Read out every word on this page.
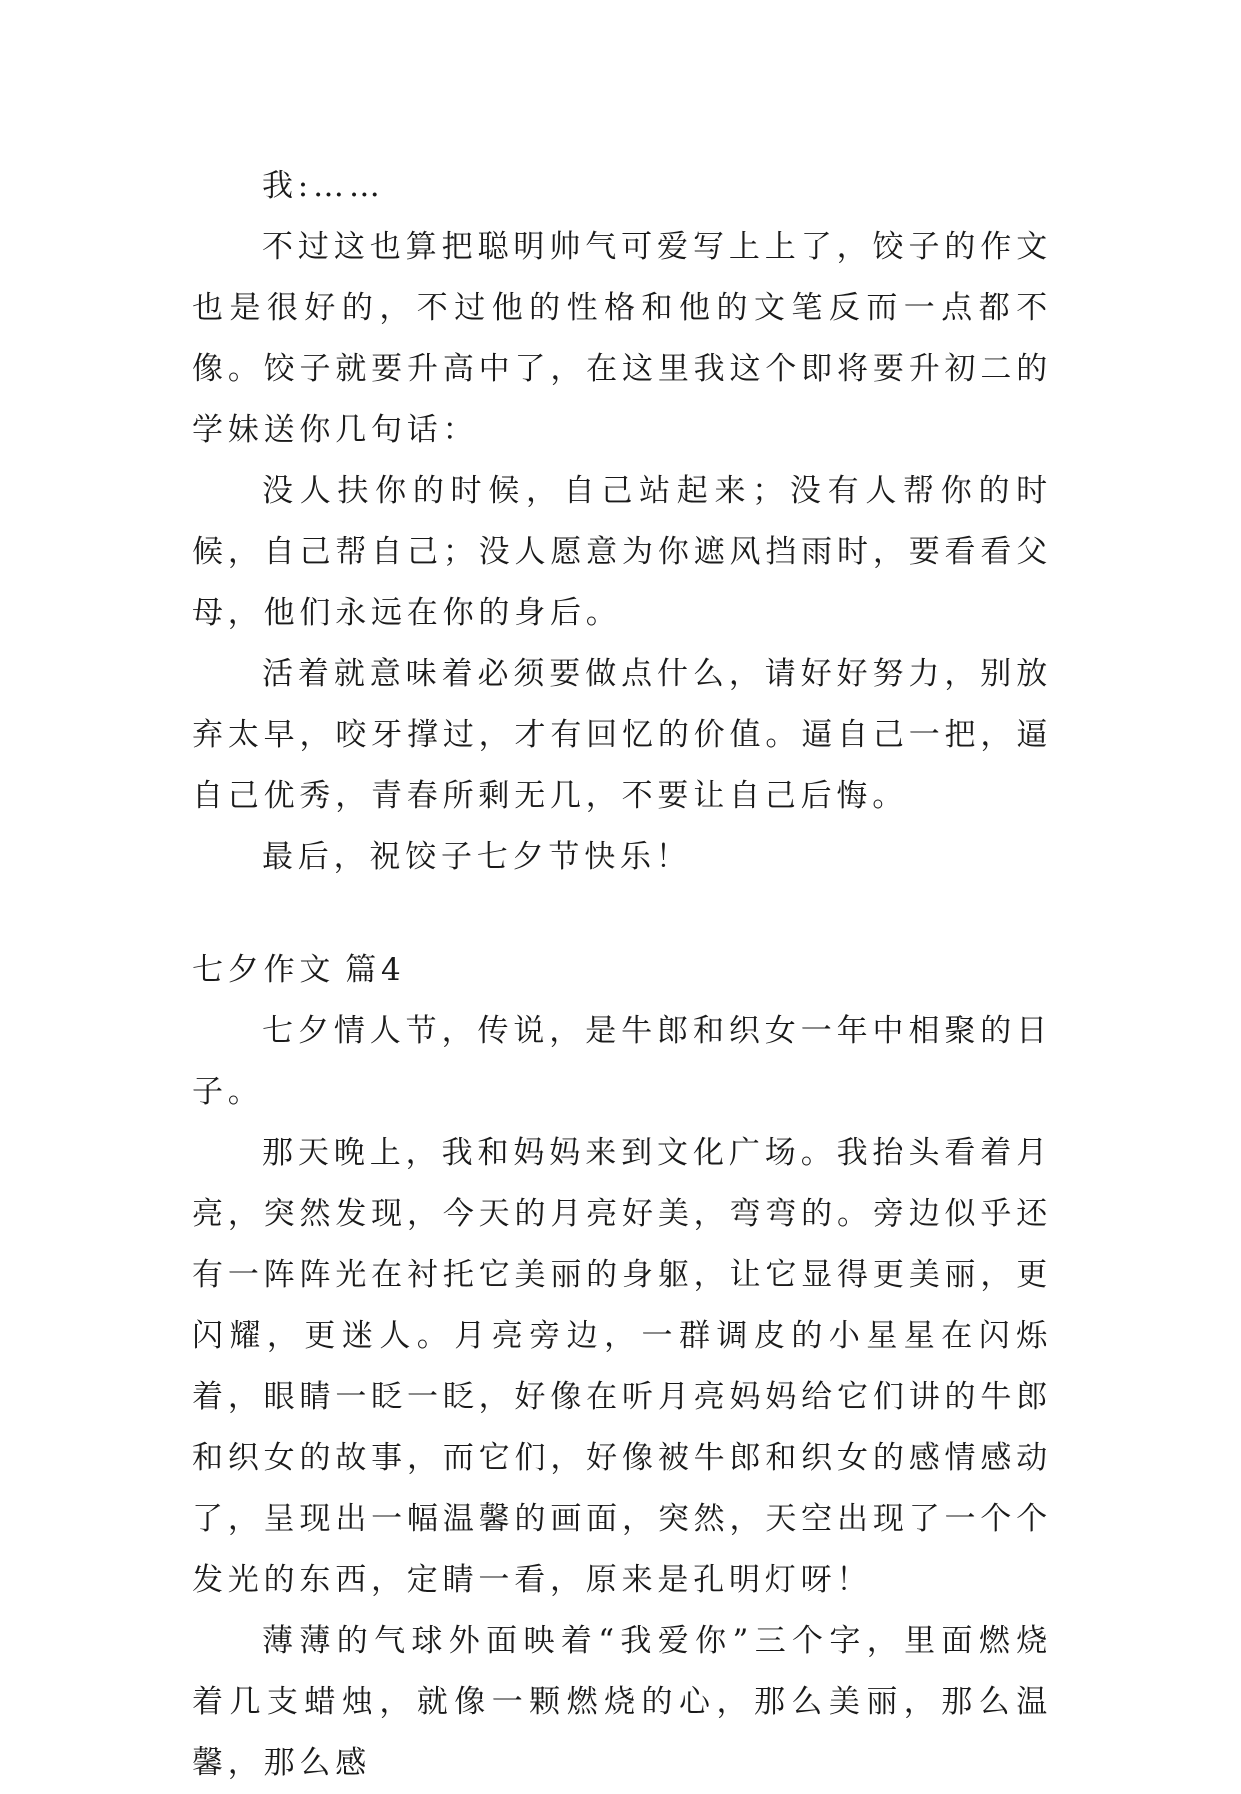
我:……

不过这也算把聪明帅气可爱写上上了，饺子的作文也是很好的，不过他的性格和他的文笔反而一点都不像。饺子就要升高中了，在这里我这个即将要升初二的学妹送你几句话：

没人扶你的时候，自己站起来；没有人帮你的时候，自己帮自己；没人愿意为你遮风挡雨时，要看看父母，他们永远在你的身后。

活着就意味着必须要做点什么，请好好努力，别放弃太早，咬牙撑过，才有回忆的价值。逼自己一把，逼自己优秀，青春所剩无几，不要让自己后悔。

最后，祝饺子七夕节快乐！

七夕作文 篇4

七夕情人节，传说，是牛郎和织女一年中相聚的日子。

那天晚上，我和妈妈来到文化广场。我抬头看着月亮，突然发现，今天的月亮好美，弯弯的。旁边似乎还有一阵阵光在衬托它美丽的身躯，让它显得更美丽，更闪耀，更迷人。月亮旁边，一群调皮的小星星在闪烁着，眼睛一眨一眨，好像在听月亮妈妈给它们讲的牛郎和织女的故事，而它们，好像被牛郎和织女的感情感动了，呈现出一幅温馨的画面，突然，天空出现了一个个发光的东西，定睛一看，原来是孔明灯呀！

薄薄的气球外面映着“我爱你”三个字，里面燃烧着几支蜡烛，就像一颗燃烧的心，那么美丽，那么温馨，那么感
